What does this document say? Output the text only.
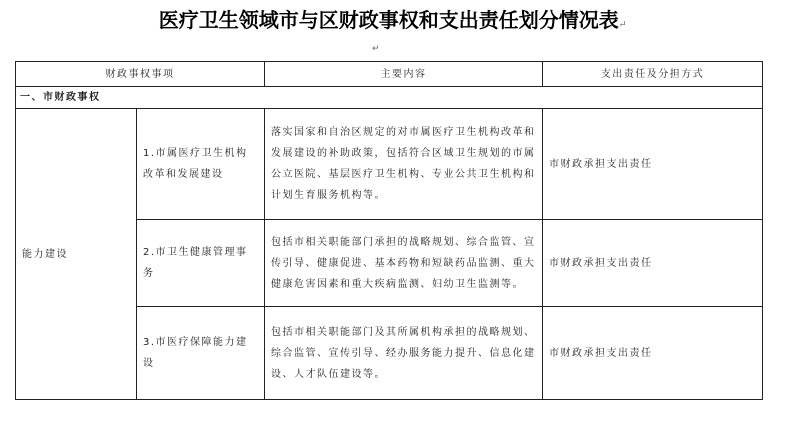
医疗卫生领域市与区财政事权和支出责任划分情况表↵
↵
财政事权事项		主要内容	支出责任及分担方式
一、市财政事权			
能力建设	1.市属医疗卫生机构改革和发展建设	落实国家和自治区规定的对市属医疗卫生机构改革和发展建设的补助政策，包括符合区域卫生规划的市属公立医院、基层医疗卫生机构、专业公共卫生机构和计划生育服务机构等。	市财政承担支出责任
	2.市卫生健康管理事务	包括市相关职能部门承担的战略规划、综合监管、宣传引导、健康促进、基本药物和短缺药品监测、重大健康危害因素和重大疾病监测、妇幼卫生监测等。	市财政承担支出责任
	3.市医疗保障能力建设	包括市相关职能部门及其所属机构承担的战略规划、综合监管、宣传引导、经办服务能力提升、信息化建设、人才队伍建设等。	市财政承担支出责任
